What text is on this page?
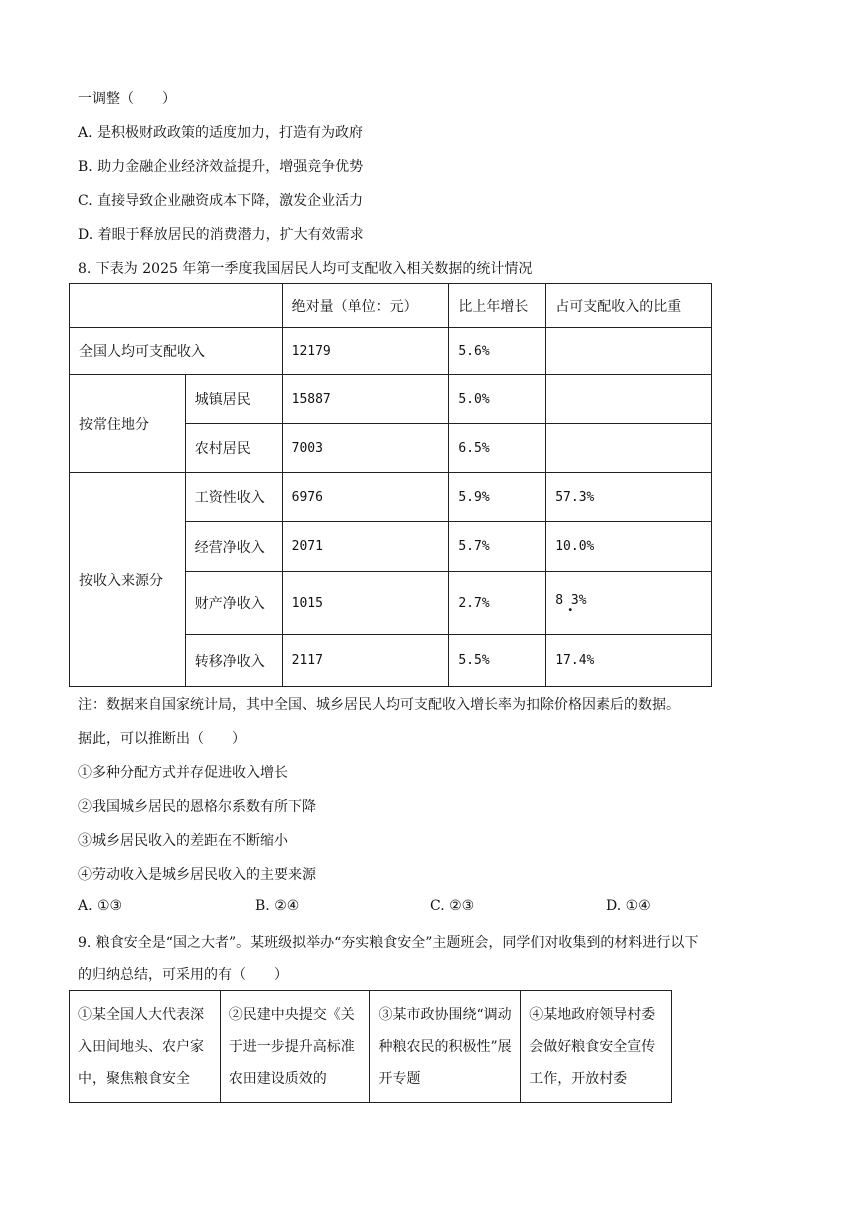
一调整（　　）
A. 是积极财政政策的适度加力，打造有为政府
B. 助力金融企业经济效益提升，增强竞争优势
C. 直接导致企业融资成本下降，激发企业活力
D. 着眼于释放居民的消费潜力，扩大有效需求
8. 下表为 2025 年第一季度我国居民人均可支配收入相关数据的统计情况
		绝对量（单位：元）	比上年增长	占可支配收入的比重
全国人均可支配收入		12179	5.6%	
按常住地分	城镇居民	15887	5.0%	
	农村居民	7003	6.5%	
按收入来源分	工资性收入	6976	5.9%	57.3%
	经营净收入	2071	5.7%	10.0%
	财产净收入	1015	2.7%	8 3%
•

	转移净收入	2117	5.5%	17.4%
注：数据来自国家统计局，其中全国、城乡居民人均可支配收入增长率为扣除价格因素后的数据。
据此，可以推断出（　　）
①多种分配方式并存促进收入增长
②我国城乡居民的恩格尔系数有所下降
③城乡居民收入的差距在不断缩小
④劳动收入是城乡居民收入的主要来源
A. ①③	B. ②④	C. ②③	D. ①④
9. 粮食安全是“国之大者”。某班级拟举办“夯实粮食安全”主题班会，同学们对收集到的材料进行以下
的归纳总结，可采用的有（　　）
①某全国人大代表深入田间地头、农户家中，聚焦粮食安全	②民建中央提交《关于进一步提升高标准农田建设质效的	③某市政协围绕“调动种粮农民的积极性”展开专题	④某地政府领导村委会做好粮食安全宣传工作，开放村委
